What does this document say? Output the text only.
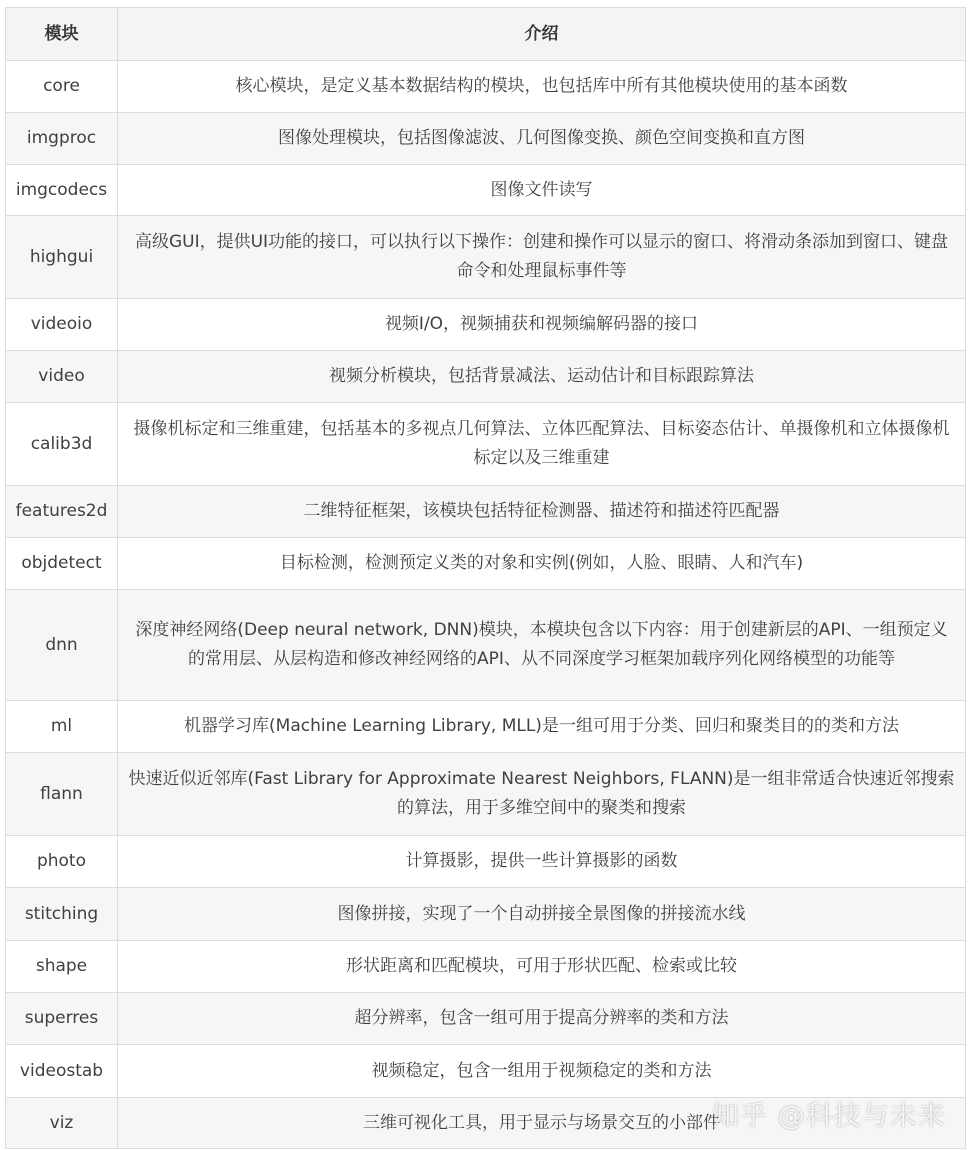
模块	介绍
core	核心模块，是定义基本数据结构的模块，也包括库中所有其他模块使用的基本函数
imgproc	图像处理模块，包括图像滤波、几何图像变换、颜色空间变换和直方图
imgcodecs	图像文件读写
highgui	高级GUI，提供UI功能的接口，可以执行以下操作：创建和操作可以显示的窗口、将滑动条添加到窗口、键盘命令和处理鼠标事件等
videoio	视频I/O，视频捕获和视频编解码器的接口
video	视频分析模块，包括背景减法、运动估计和目标跟踪算法
calib3d	摄像机标定和三维重建，包括基本的多视点几何算法、立体匹配算法、目标姿态估计、单摄像机和立体摄像机标定以及三维重建
features2d	二维特征框架，该模块包括特征检测器、描述符和描述符匹配器
objdetect	目标检测，检测预定义类的对象和实例(例如，人脸、眼睛、人和汽车)
dnn	深度神经网络(Deep neural network, DNN)模块，本模块包含以下内容：用于创建新层的API、一组预定义的常用层、从层构造和修改神经网络的API、从不同深度学习框架加载序列化网络模型的功能等
ml	机器学习库(Machine Learning Library, MLL)是一组可用于分类、回归和聚类目的的类和方法
flann	快速近似近邻库(Fast Library for Approximate Nearest Neighbors, FLANN)是一组非常适合快速近邻搜索的算法，用于多维空间中的聚类和搜索
photo	计算摄影，提供一些计算摄影的函数
stitching	图像拼接，实现了一个自动拼接全景图像的拼接流水线
shape	形状距离和匹配模块，可用于形状匹配、检索或比较
superres	超分辨率，包含一组可用于提高分辨率的类和方法
videostab	视频稳定，包含一组用于视频稳定的类和方法
viz	三维可视化工具，用于显示与场景交互的小部件
知乎 @科技与未来
